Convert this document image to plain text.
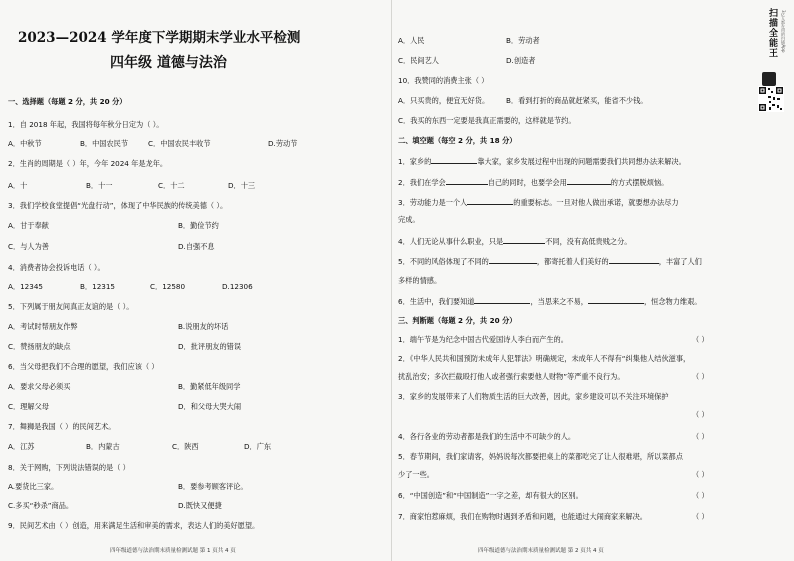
2023—2024 学年度下学期期末学业水平检测
四年级 道德与法治
一、选择题（每题 2 分，共 20 分）
1．自 2018 年起，我国将每年秋分日定为（ ）。
A．中秋节	B．中国农民节	C．中国农民丰收节	D.劳动节
2．生肖的周期是（ ）年，今年 2024 年是龙年。
A．十	B．十一	C．十二	D．十三
3．我们学校食堂提倡“光盘行动”，体现了中华民族的传统美德（ ）。
A．甘于奉献	B．勤俭节约
C．与人为善	D.自强不息
4．消费者协会投诉电话（ ）。
A．12345	B．12315	C．12580	D.12306
5．下列属于朋友间真正友谊的是（ ）。
A．考试时帮朋友作弊	B.说朋友的坏话
C．赞扬朋友的缺点	D．批评朋友的错误
6．当父母把我们不合理的愿望，我们应该（ ）
A．要求父母必须买	B．勤紧低年级同学
C．理解父母	D．和父母大哭大闹
7．舞狮是我国（ ）的民间艺术。
A．江苏	B．内蒙古	C．陕西	D．广东
8．关于网购，下列说法错误的是（ ）
A.要货比三家。	B．要参考顾客评论。
C.多买“秒杀”商品。	D.既快又便捷
9．民间艺术由（ ）创造，用来满足生活和审美的需求，表达人们的美好愿望。
四年级道德与法治期末质量检测试题 第 1 页共 4 页
A．人民	B．劳动者
C．民间艺人	D.创造者
10．我赞同的消费主张（ ）
A．只买贵的，便宜无好货。 B．看到打折的商品就赶紧买，能省不少钱。
C．我买的东西一定要是我真正需要的，这样就是节约。
二、填空题（每空 2 分，共 18 分）
1．家乡的	靠大家，家乡发展过程中出现的问题需要我们共同想办法来解决。
2．我们在学会	自己的同时，也要学会用	的方式摆脱烦恼。
3．劳动能力是一个人	的重要标志。一旦对他人做出承诺，就要想办法尽力
完成。
4．人们无论从事什么职业，只是	不同，没有高低贵贱之分。
5．不同的风俗体现了不同的	，都寄托着人们美好的	，丰富了人们
多样的情感。
6．生活中，我们要知道	，当思来之不易，	，恒念物力维艰。
三、判断题（每题 2 分，共 20 分）
1．端午节是为纪念中国古代爱国诗人李白而产生的。	（ ）
2．《中华人民共和国预防未成年人犯罪法》明确规定，未成年人不得有“纠集他人结伙滋事，
扰乱治安；多次拦截殴打他人或者强行索要他人财物”等严重不良行为。	（ ）
3．家乡的发展带来了人们物质生活的巨大改善，因此，家乡建设可以不关注环境保护
（ ）
4．各行各业的劳动者都是我们的生活中不可缺少的人。	（ ）
5．春节期间，我们家请客，妈妈说每次都要把桌上的菜都吃完了让人很难堪，所以菜都点
少了一些。	（ ）
6．“中国创造”和“中国制造”一字之差，却有很大的区别。	（ ）
7．商家怕惹麻烦，我们在购物时遇到矛盾和问题，也能通过大闹商家来解决。	（ ）
四年级道德与法治期末质量检测试题 第 2 页共 4 页
扫描全能王	3亿人都在用的扫描App
